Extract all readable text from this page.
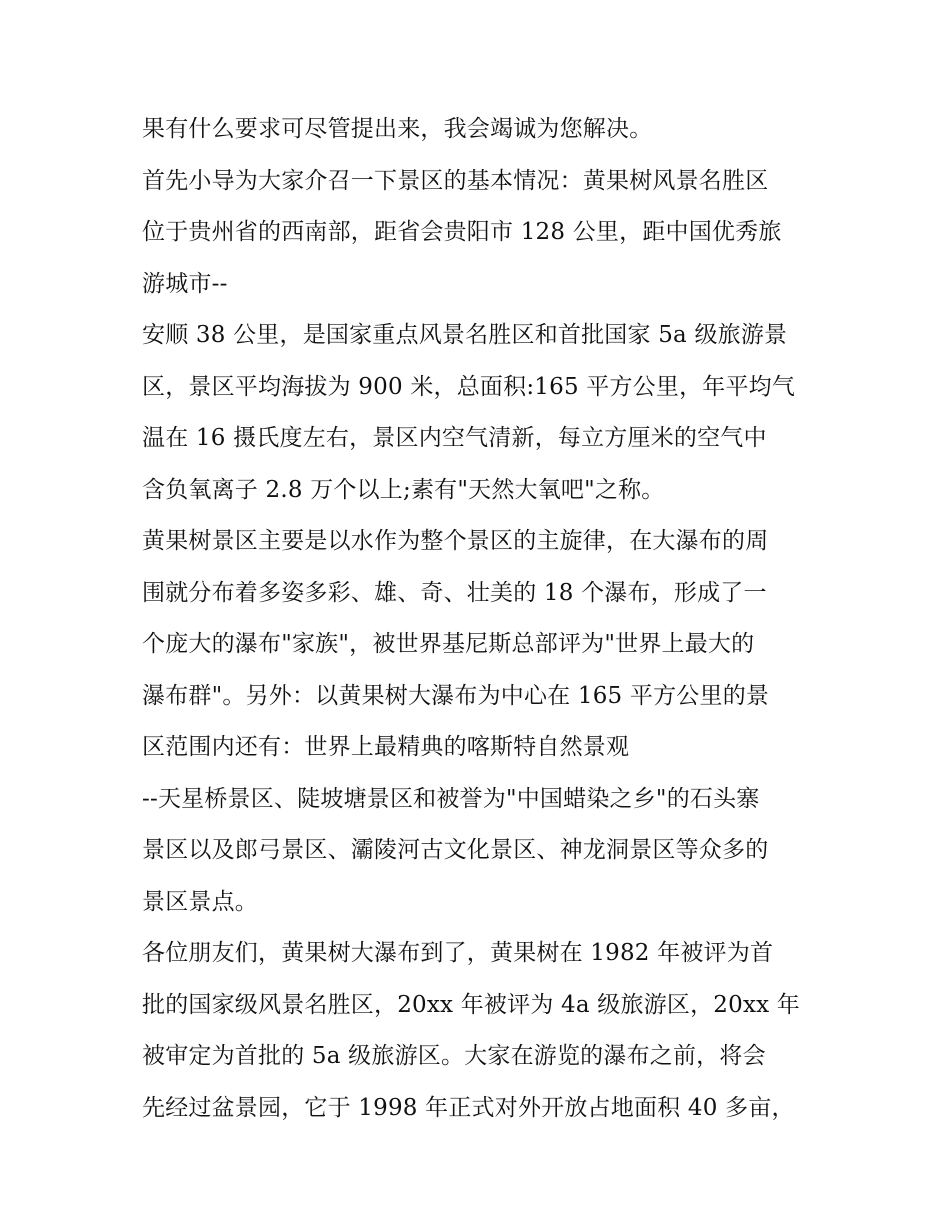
果有什么要求可尽管提出来，我会竭诚为您解决。
首先小导为大家介召一下景区的基本情况：黄果树风景名胜区
位于贵州省的西南部，距省会贵阳市 128 公里，距中国优秀旅
游城市--
安顺 38 公里，是国家重点风景名胜区和首批国家 5a 级旅游景
区，景区平均海拔为 900 米，总面积:165 平方公里，年平均气
温在 16 摄氏度左右，景区内空气清新，每立方厘米的空气中
含负氧离子 2.8 万个以上;素有"天然大氧吧"之称。
黄果树景区主要是以水作为整个景区的主旋律，在大瀑布的周
围就分布着多姿多彩、雄、奇、壮美的 18 个瀑布，形成了一
个庞大的瀑布"家族"，被世界基尼斯总部评为"世界上最大的
瀑布群"。另外：以黄果树大瀑布为中心在 165 平方公里的景
区范围内还有：世界上最精典的喀斯特自然景观
--天星桥景区、陡坡塘景区和被誉为"中国蜡染之乡"的石头寨
景区以及郎弓景区、灞陵河古文化景区、神龙洞景区等众多的
景区景点。
各位朋友们，黄果树大瀑布到了，黄果树在 1982 年被评为首
批的国家级风景名胜区，20xx 年被评为 4a 级旅游区，20xx 年
被审定为首批的 5a 级旅游区。大家在游览的瀑布之前，将会
先经过盆景园，它于 1998 年正式对外开放占地面积 40 多亩，
